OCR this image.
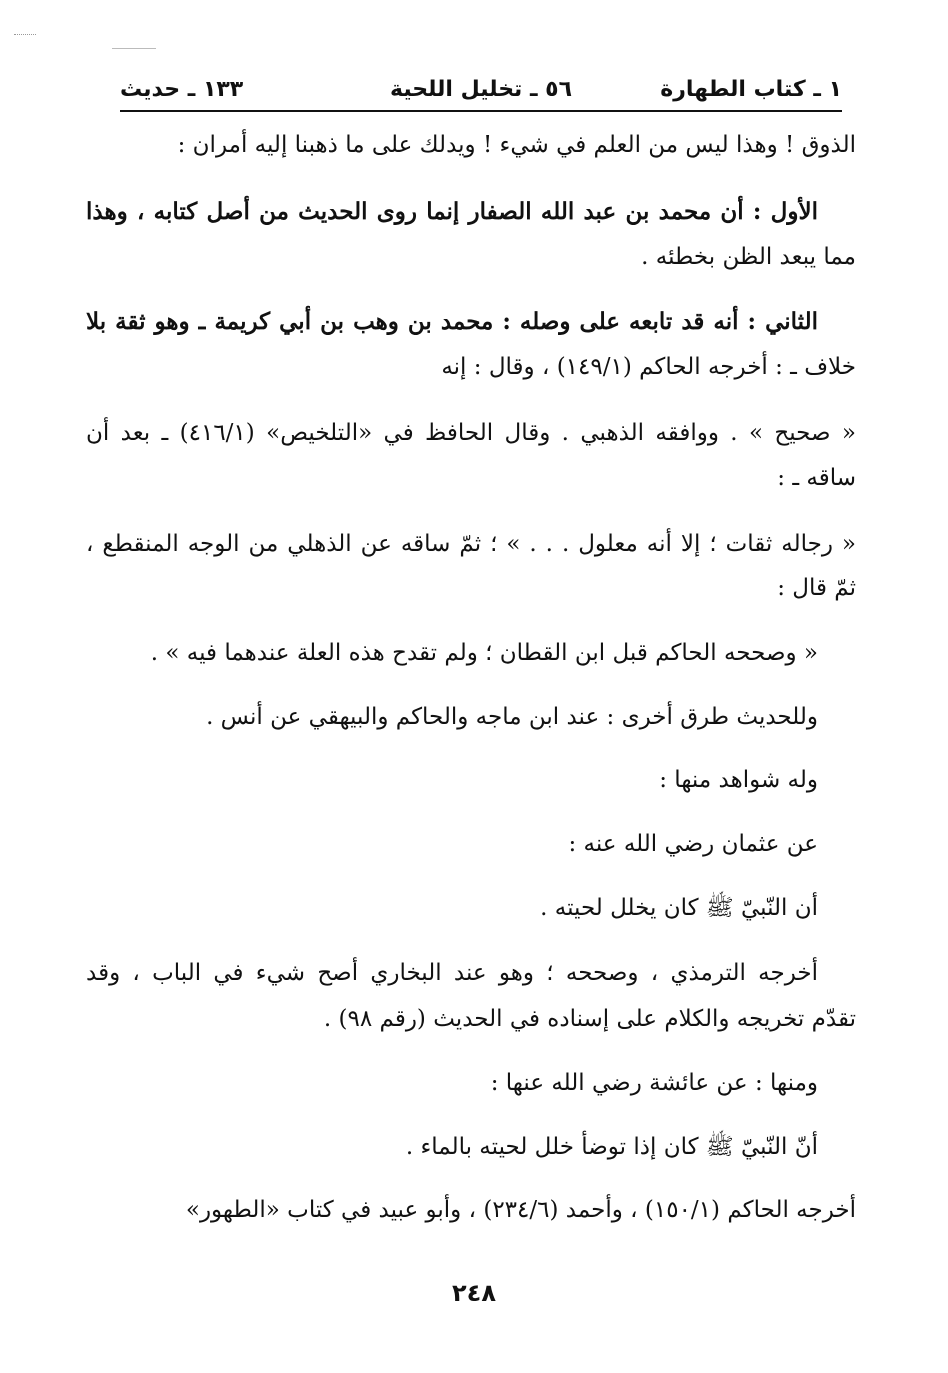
١ ـ كتاب الطهارة
٥٦ ـ تخليل اللحية
١٣٣ ـ حديث
الذوق ! وهذا ليس من العلم في شيء ! ويدلك على ما ذهبنا إليه أمران :
الأول : أن محمد بن عبد الله الصفار إنما روى الحديث من أصل كتابه ، وهذا
مما يبعد الظن بخطئه .
الثاني : أنه قد تابعه على وصله : محمد بن وهب بن أبي كريمة ـ وهو ثقة بلا
خلاف ـ : أخرجه الحاكم (١٤٩/١) ، وقال : إنه
« صحيح » . ووافقه الذهبي . وقال الحافظ في «التلخيص» (٤١٦/١) ـ بعد أن
ساقه ـ :
« رجاله ثقات ؛ إلا أنه معلول . . . » ؛ ثمّ ساقه عن الذهلي من الوجه المنقطع ،
ثمّ قال :
« وصححه الحاكم قبل ابن القطان ؛ ولم تقدح هذه العلة عندهما فيه » .
وللحديث طرق أخرى : عند ابن ماجه والحاكم والبيهقي عن أنس .
وله شواهد منها :
عن عثمان رضي الله عنه :
أن النّبيّ ﷺ كان يخلل لحيته .
أخرجه الترمذي ، وصححه ؛ وهو عند البخاري أصح شيء في الباب ، وقد
تقدّم تخريجه والكلام على إسناده في الحديث (رقم ٩٨) .
ومنها : عن عائشة رضي الله عنها :
أنّ النّبيّ ﷺ كان إذا توضأ خلل لحيته بالماء .
أخرجه الحاكم (١٥٠/١) ، وأحمد (٢٣٤/٦) ، وأبو عبيد في كتاب «الطهور»
٢٤٨
